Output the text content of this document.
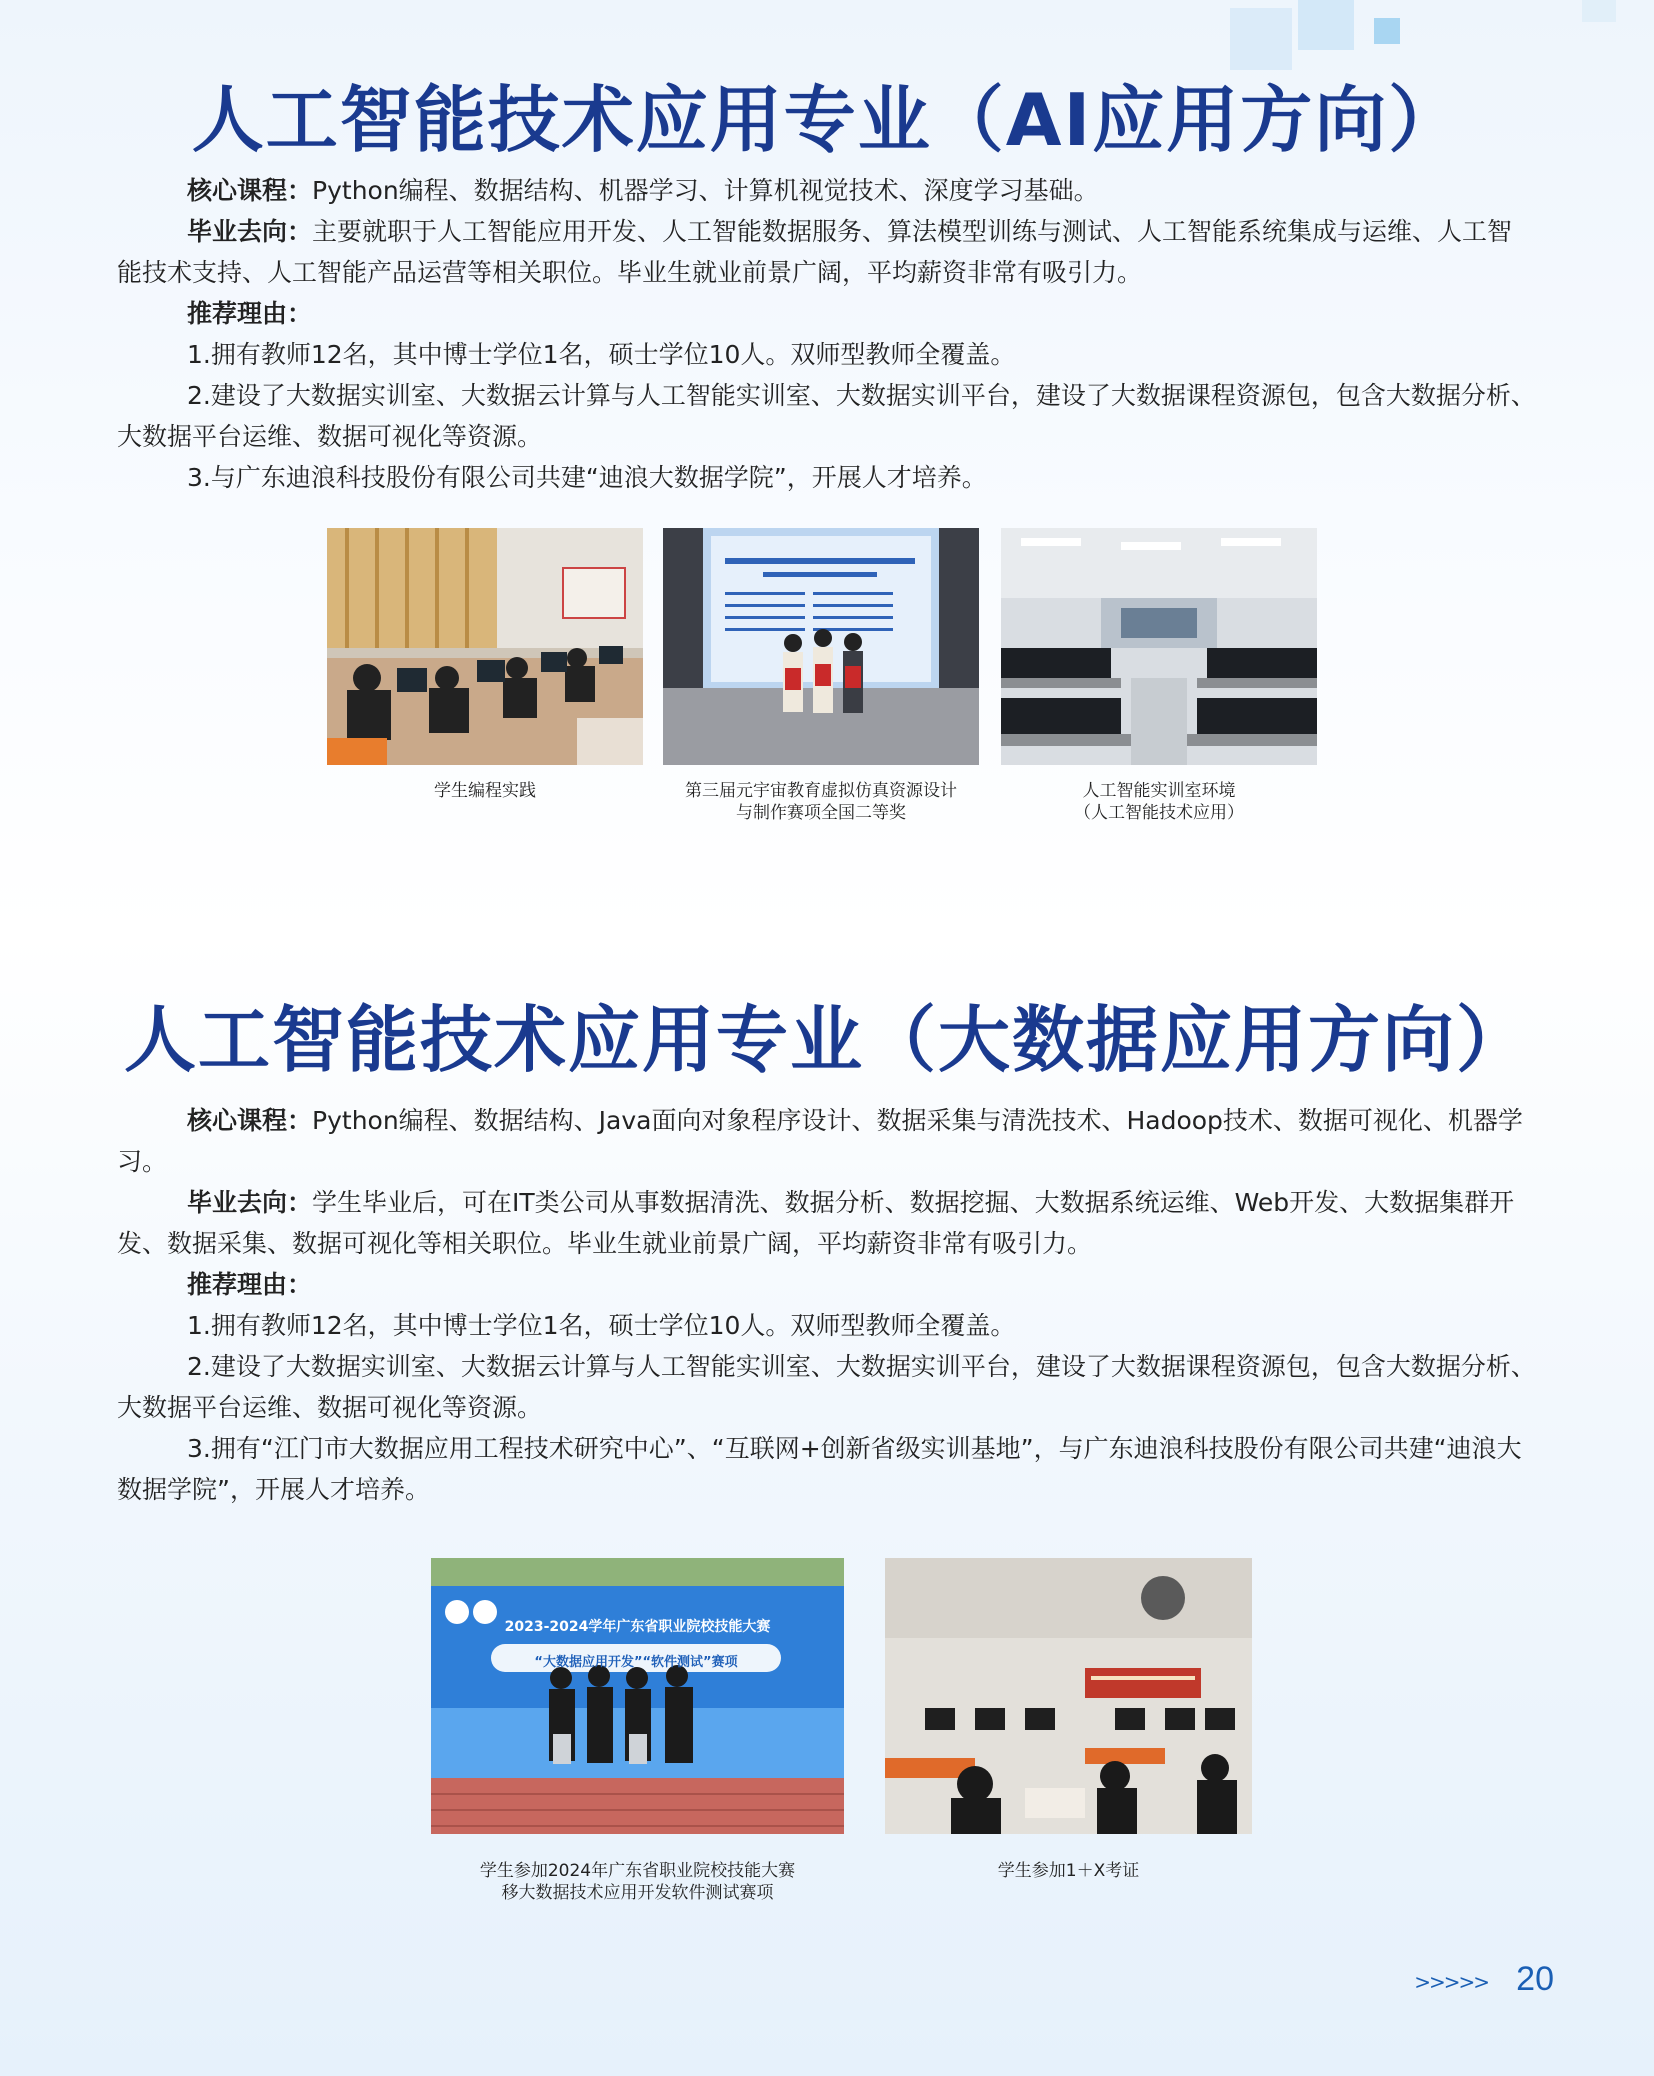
人工智能技术应用专业（AI应用方向）

核心课程：Python编程、数据结构、机器学习、计算机视觉技术、深度学习基础。

毕业去向：主要就职于人工智能应用开发、人工智能数据服务、算法模型训练与测试、人工智能系统集成与运维、人工智能技术支持、人工智能产品运营等相关职位。毕业生就业前景广阔，平均薪资非常有吸引力。

推荐理由：

1.拥有教师12名，其中博士学位1名，硕士学位10人。双师型教师全覆盖。

2.建设了大数据实训室、大数据云计算与人工智能实训室、大数据实训平台，建设了大数据课程资源包，包含大数据分析、大数据平台运维、数据可视化等资源。

3.与广东迪浪科技股份有限公司共建“迪浪大数据学院”，开展人才培养。

学生编程实践	第三届元宇宙教育虚拟仿真资源设计
与制作赛项全国二等奖
人工智能实训室环境
（人工智能技术应用）
人工智能技术应用专业（大数据应用方向）

核心课程：Python编程、数据结构、Java面向对象程序设计、数据采集与清洗技术、Hadoop技术、数据可视化、机器学习。

毕业去向：学生毕业后，可在IT类公司从事数据清洗、数据分析、数据挖掘、大数据系统运维、Web开发、大数据集群开发、数据采集、数据可视化等相关职位。毕业生就业前景广阔，平均薪资非常有吸引力。

推荐理由：

1.拥有教师12名，其中博士学位1名，硕士学位10人。双师型教师全覆盖。

2.建设了大数据实训室、大数据云计算与人工智能实训室、大数据实训平台，建设了大数据课程资源包，包含大数据分析、大数据平台运维、数据可视化等资源。

3.拥有“江门市大数据应用工程技术研究中心”、“互联网+创新省级实训基地”，与广东迪浪科技股份有限公司共建“迪浪大数据学院”，开展人才培养。

2023-2024学年广东省职业院校技能大赛
“大数据应用开发”“软件测试”赛项
学生参加2024年广东省职业院校技能大赛
移大数据技术应用开发软件测试赛项
学生参加1＋X考证
>>>>> 20
